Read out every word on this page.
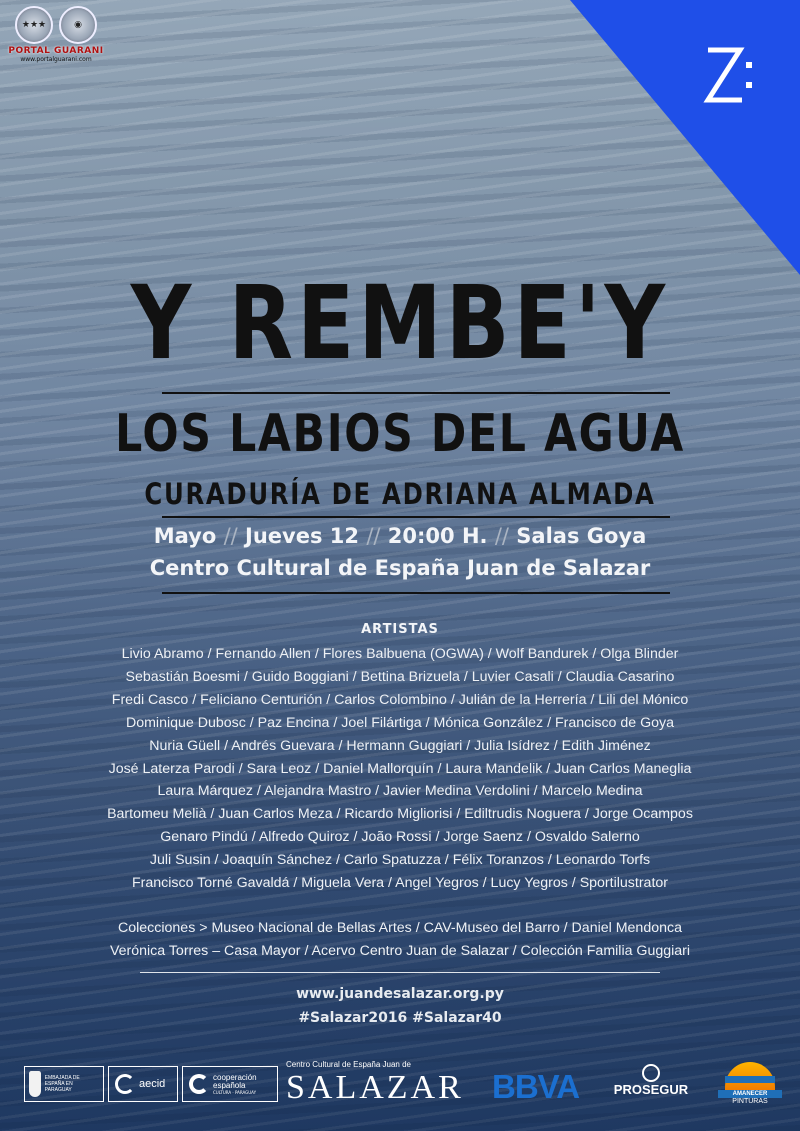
★★★	◉
PORTAL GUARANI
www.portalguarani.com
Y REMBE'Y
LOS LABIOS DEL AGUA
CURADURÍA DE ADRIANA ALMADA
Mayo // Jueves 12 // 20:00 H. // Salas Goya
Centro Cultural de España Juan de Salazar
ARTISTAS
Livio Abramo / Fernando Allen / Flores Balbuena (OGWA) / Wolf Bandurek / Olga Blinder
Sebastián Boesmi / Guido Boggiani / Bettina Brizuela / Luvier Casali / Claudia Casarino
Fredi Casco / Feliciano Centurión / Carlos Colombino / Julián de la Herrería / Lili del Mónico
Dominique Dubosc / Paz Encina / Joel Filártiga / Mónica González / Francisco de Goya
Nuria Güell / Andrés Guevara / Hermann Guggiari / Julia Isídrez / Edith Jiménez
José Laterza Parodi / Sara Leoz / Daniel Mallorquín / Laura Mandelik / Juan Carlos Maneglia
Laura Márquez / Alejandra Mastro / Javier Medina Verdolini / Marcelo Medina
Bartomeu Melià / Juan Carlos Meza / Ricardo Migliorisi / Ediltrudis Noguera / Jorge Ocampos
Genaro Pindú / Alfredo Quiroz / João Rossi / Jorge Saenz / Osvaldo Salerno
Juli Susin / Joaquín Sánchez / Carlo Spatuzza / Félix Toranzos / Leonardo Torfs
Francisco Torné Gavaldá / Miguela Vera / Angel Yegros / Lucy Yegros / Sportilustrator
Colecciones > Museo Nacional de Bellas Artes / CAV-Museo del Barro / Daniel Mendonca
Verónica Torres – Casa Mayor / Acervo Centro Juan de Salazar / Colección Familia Guggiari
www.juandesalazar.org.py
#Salazar2016 #Salazar40
EMBAJADA DE ESPAÑA EN PARAGUAY	aecid
cooperación
española
CULTURA · PARAGUAY
Centro Cultural de España Juan de
SALAZAR BBVA	PROSEGUR	AMANECER
PINTURAS
